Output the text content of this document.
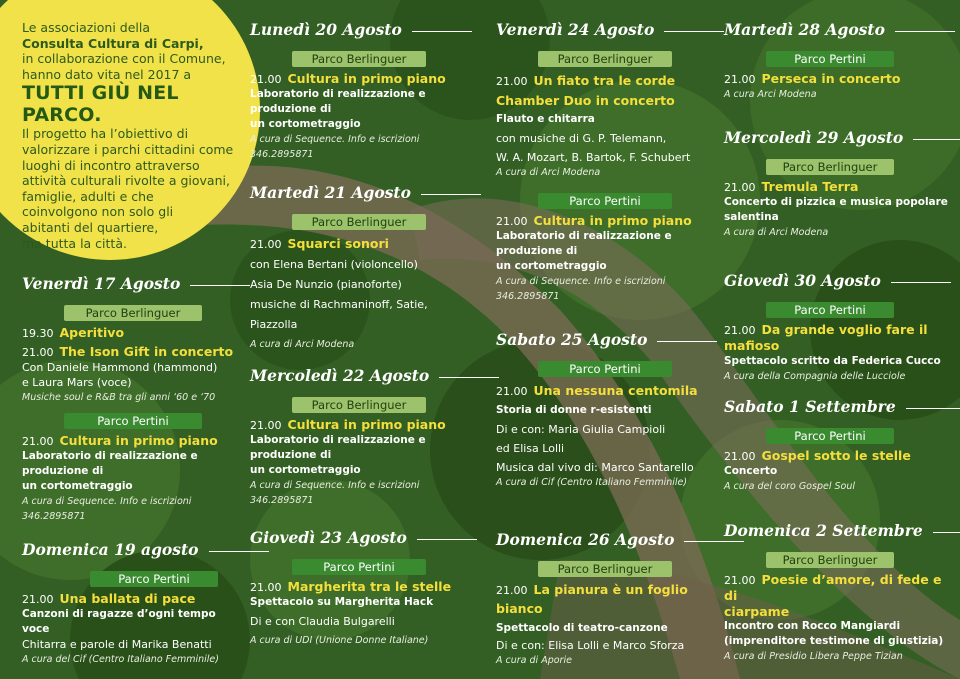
Le associazioni della
Consulta Cultura di Carpi,
in collaborazione con il Comune,
hanno dato vita nel 2017 a
TUTTI GIÙ NEL PARCO.
Il progetto ha l’obiettivo di
valorizzare i parchi cittadini come
luoghi di incontro attraverso
attività culturali rivolte a giovani,
famiglie, adulti e che
coinvolgono non solo gli
abitanti del quartiere,
ma tutta la città.
Venerdì 17 Agosto
Parco Berlinguer
19.30 Aperitivo
21.00 The Ison Gift in concerto
Con Daniele Hammond (hammond)
e Laura Mars (voce)
Musiche soul e R&B tra gli anni ‘60 e ‘70
Parco Pertini
21.00 Cultura in primo piano
Laboratorio di realizzazione e produzione di
un cortometraggio
A cura di Sequence. Info e iscrizioni 346.2895871
Domenica 19 agosto
Parco Pertini
21.00 Una ballata di pace
Canzoni di ragazze d’ogni tempo voce
Chitarra e parole di Marika Benatti
A cura del Cif (Centro Italiano Femminile)
Lunedì 20 Agosto
Parco Berlinguer
21.00 Cultura in primo piano
Laboratorio di realizzazione e produzione di
un cortometraggio
A cura di Sequence. Info e iscrizioni 346.2895871
Martedì 21 Agosto
Parco Berlinguer
21.00 Squarci sonori
con Elena Bertani (violoncello)
Asia De Nunzio (pianoforte)
musiche di Rachmaninoff, Satie, Piazzolla
A cura di Arci Modena
Mercoledì 22 Agosto
Parco Berlinguer
21.00 Cultura in primo piano
Laboratorio di realizzazione e produzione di
un cortometraggio
A cura di Sequence. Info e iscrizioni 346.2895871
Giovedì 23 Agosto
Parco Pertini
21.00 Margherita tra le stelle
Spettacolo su Margherita Hack
Di e con Claudia Bulgarelli
A cura di UDI (Unione Donne Italiane)
Venerdì 24 Agosto
Parco Berlinguer
21.00 Un fiato tra le corde
Chamber Duo in concerto
Flauto e chitarra
con musiche di G. P. Telemann,
W. A. Mozart, B. Bartok, F. Schubert
A cura di Arci Modena
Parco Pertini
21.00 Cultura in primo piano
Laboratorio di realizzazione e produzione di
un cortometraggio
A cura di Sequence. Info e iscrizioni 346.2895871
Sabato 25 Agosto
Parco Pertini
21.00 Una nessuna centomila
Storia di donne r-esistenti
Di e con: Maria Giulia Campioli
ed Elisa Lolli
Musica dal vivo di: Marco Santarello
A cura di Cif (Centro Italiano Femminile)
Domenica 26 Agosto
Parco Berlinguer
21.00 La pianura è un foglio bianco
Spettacolo di teatro-canzone
Di e con: Elisa Lolli e Marco Sforza
A cura di Aporie
Martedì 28 Agosto
Parco Pertini
21.00 Perseca in concerto
A cura Arci Modena
Mercoledì 29 Agosto
Parco Berlinguer
21.00 Tremula Terra
Concerto di pizzica e musica popolare
salentina
A cura di Arci Modena
Giovedì 30 Agosto
Parco Pertini
21.00 Da grande voglio fare il mafioso
Spettacolo scritto da Federica Cucco
A cura della Compagnia delle Lucciole
Sabato 1 Settembre
Parco Pertini
21.00 Gospel sotto le stelle
Concerto
A cura del coro Gospel Soul
Domenica 2 Settembre
Parco Berlinguer
21.00 Poesie d’amore, di fede e di
ciarpame
Incontro con Rocco Mangiardi
(imprenditore testimone di giustizia)
A cura di Presidio Libera Peppe Tizian
